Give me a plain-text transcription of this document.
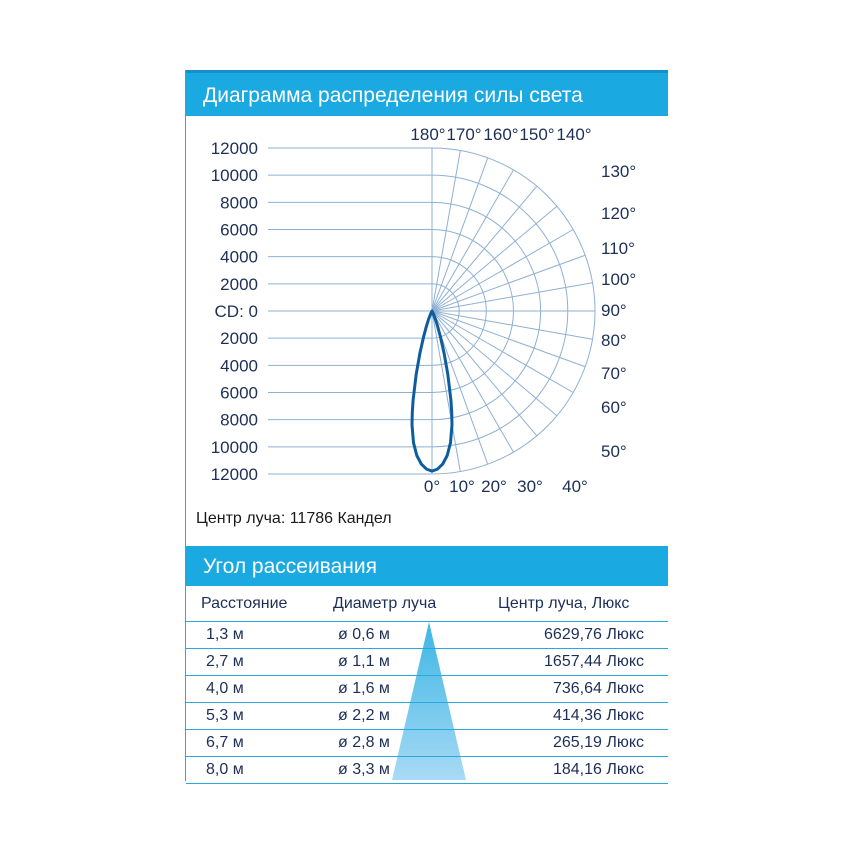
Диаграмма распределения силы света
12000
10000
8000
6000
4000
2000
CD: 0
2000
4000
6000
8000
10000
12000
180° 170° 160° 150° 140°
130°
120°
110°
100°
90°
80°
70°
60°
50°
0° 10° 20° 30° 40°
Центр луча: 11786 Кандел
Угол рассеивания
Расстояние	Диаметр луча	Центр луча, Люкс
1,3 м	ø 0,6 м	6629,76 Люкс
2,7 м	ø 1,1 м	1657,44 Люкс
4,0 м	ø 1,6 м	736,64 Люкс
5,3 м	ø 2,2 м	414,36 Люкс
6,7 м	ø 2,8 м	265,19 Люкс
8,0 м	ø 3,3 м	184,16 Люкс
